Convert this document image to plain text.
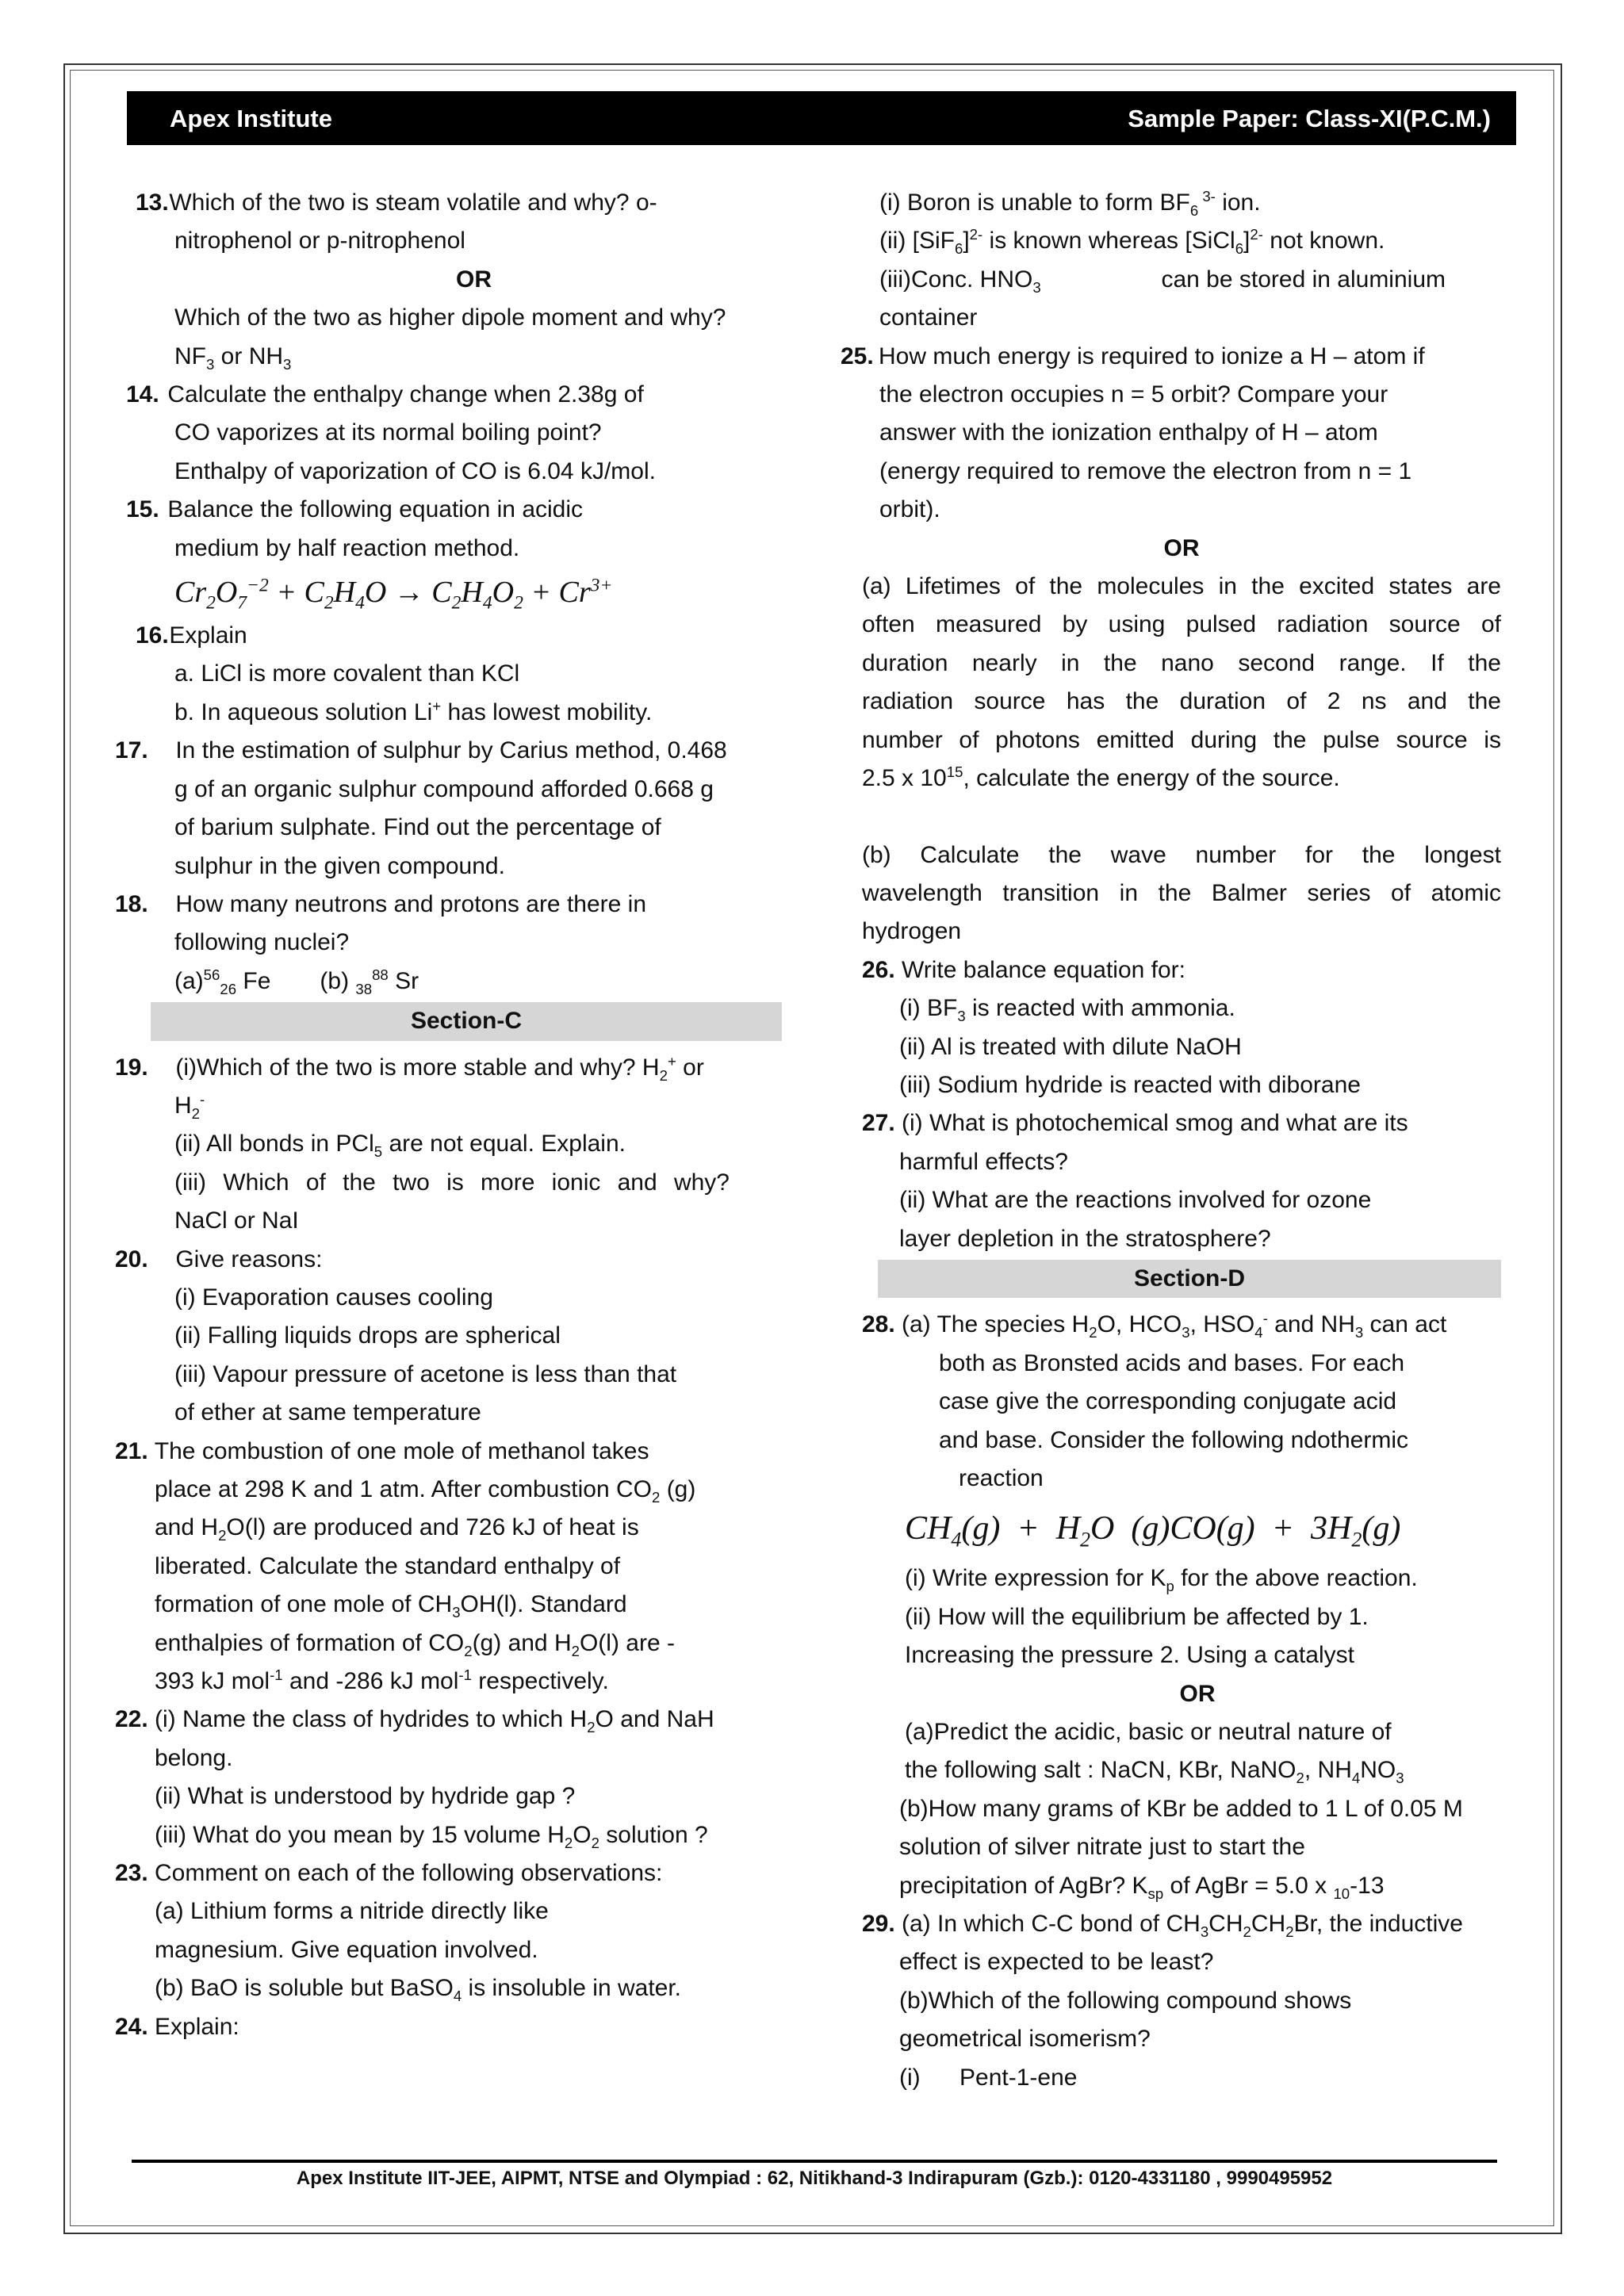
Apex Institute	Sample Paper: Class-XI(P.C.M.)
13. Which of the two is steam volatile and why? o-
nitrophenol or p-nitrophenol
OR
Which of the two as higher dipole moment and why?
$NF_3$ or $NH_3$
14. Calculate the enthalpy change when 2.38g of
CO vaporizes at its normal boiling point?
Enthalpy of vaporization of CO is 6.04 kJ/mol.
15. Balance the following equation in acidic
medium by half reaction method.
$Cr_2O_7^{-2} + C_2H_4O \to C_2H_4O_2 + Cr^{3+}$
16. Explain
a. LiCl is more covalent than KCl
b. In aqueous solution Li+ has lowest mobility.
17. In the estimation of sulphur by Carius method, 0.468
g of an organic sulphur compound afforded 0.668 g
of barium sulphate. Find out the percentage of
sulphur in the given compound.
18. How many neutrons and protons are there in
following nuclei?
$(a)^{56}_{26}$ Fe (b) $_{38}^{88}$ Sr
Section-C
19. (i)Which of the two is more stable and why? $H_2^+$ or
$H_2^-$
(ii) All bonds in PCl$_5$ are not equal. Explain.
(iii) Which of the two is more ionic and why?
NaCl or NaI
20. Give reasons:
(i) Evaporation causes cooling
(ii) Falling liquids drops are spherical
(iii) Vapour pressure of acetone is less than that
of ether at same temperature
21. The combustion of one mole of methanol takes
place at 298 K and 1 atm. After combustion $CO_2$ (g)
and $H_2O(l)$ are produced and 726 kJ of heat is
liberated. Calculate the standard enthalpy of
formation of one mole of $CH_3OH(l)$. Standard
enthalpies of formation of $CO_2(g)$ and $H_2O(l)$ are -
393 kJ mol$^{-1}$ and -286 kJ mol$^{-1}$ respectively.
22. (i) Name the class of hydrides to which $H_2O$ and NaH
belong.
(ii) What is understood by hydride gap ?
(iii) What do you mean by 15 volume $H_2O_2$ solution ?
23. Comment on each of the following observations:
(a) Lithium forms a nitride directly like
magnesium. Give equation involved.
(b) BaO is soluble but BaSO$_4$ is insoluble in water.
24. Explain:
(i) Boron is unable to form $BF_6$ $^{3-}$ ion.
(ii) $[SiF_6]^{2-}$ is known whereas [SiCl$_6$]$^{2-}$ not known.
(iii)Conc. $HNO_3$	can be stored in aluminium
container
25. How much energy is required to ionize a H – atom if
the electron occupies n = 5 orbit? Compare your
answer with the ionization enthalpy of H – atom
(energy required to remove the electron from n = 1
orbit).
OR
(a) Lifetimes of the molecules in the excited states are
often measured by using pulsed radiation source of
duration nearly in the nano second range. If the
radiation source has the duration of 2 ns and the
number of photons emitted during the pulse source is
2.5 x $10^{15}$, calculate the energy of the source.
(b) Calculate the wave number for the longest
wavelength transition in the Balmer series of atomic
hydrogen
26. Write balance equation for:
(i) $BF_3$ is reacted with ammonia.
(ii) Al is treated with dilute NaOH
(iii) Sodium hydride is reacted with diborane
27. (i) What is photochemical smog and what are its
harmful effects?
(ii) What are the reactions involved for ozone
layer depletion in the stratosphere?
Section-D
28. (a) The species $H_2O$, $HCO_3$, $HSO_4^-$ and $NH_3$ can act
both as Bronsted acids and bases. For each
case give the corresponding conjugate acid
and base. Consider the following ndothermic
reaction
$CH_4(g) + H_2O$  $(g)CO(g) + 3H_2(g)$
(i) Write expression for $K_p$ for the above reaction.
(ii) How will the equilibrium be affected by 1.
Increasing the pressure 2. Using a catalyst
OR
(a)Predict the acidic, basic or neutral nature of
the following salt : NaCN, KBr, NaNO$_2$, $NH_4NO_3$
(b)How many grams of KBr be added to 1 L of 0.05 M
solution of silver nitrate just to start the
precipitation of AgBr? $K_{sp}$ of AgBr = 5.0 x $_{10}$-13
29. (a) In which C-C bond of $CH_3CH_2CH_2Br$, the inductive
effect is expected to be least?
(b)Which of the following compound shows
geometrical isomerism?
(i) Pent-1-ene
Apex Institute IIT-JEE, AIPMT, NTSE and Olympiad : 62, Nitikhand-3 Indirapuram (Gzb.): 0120-4331180 , 9990495952
